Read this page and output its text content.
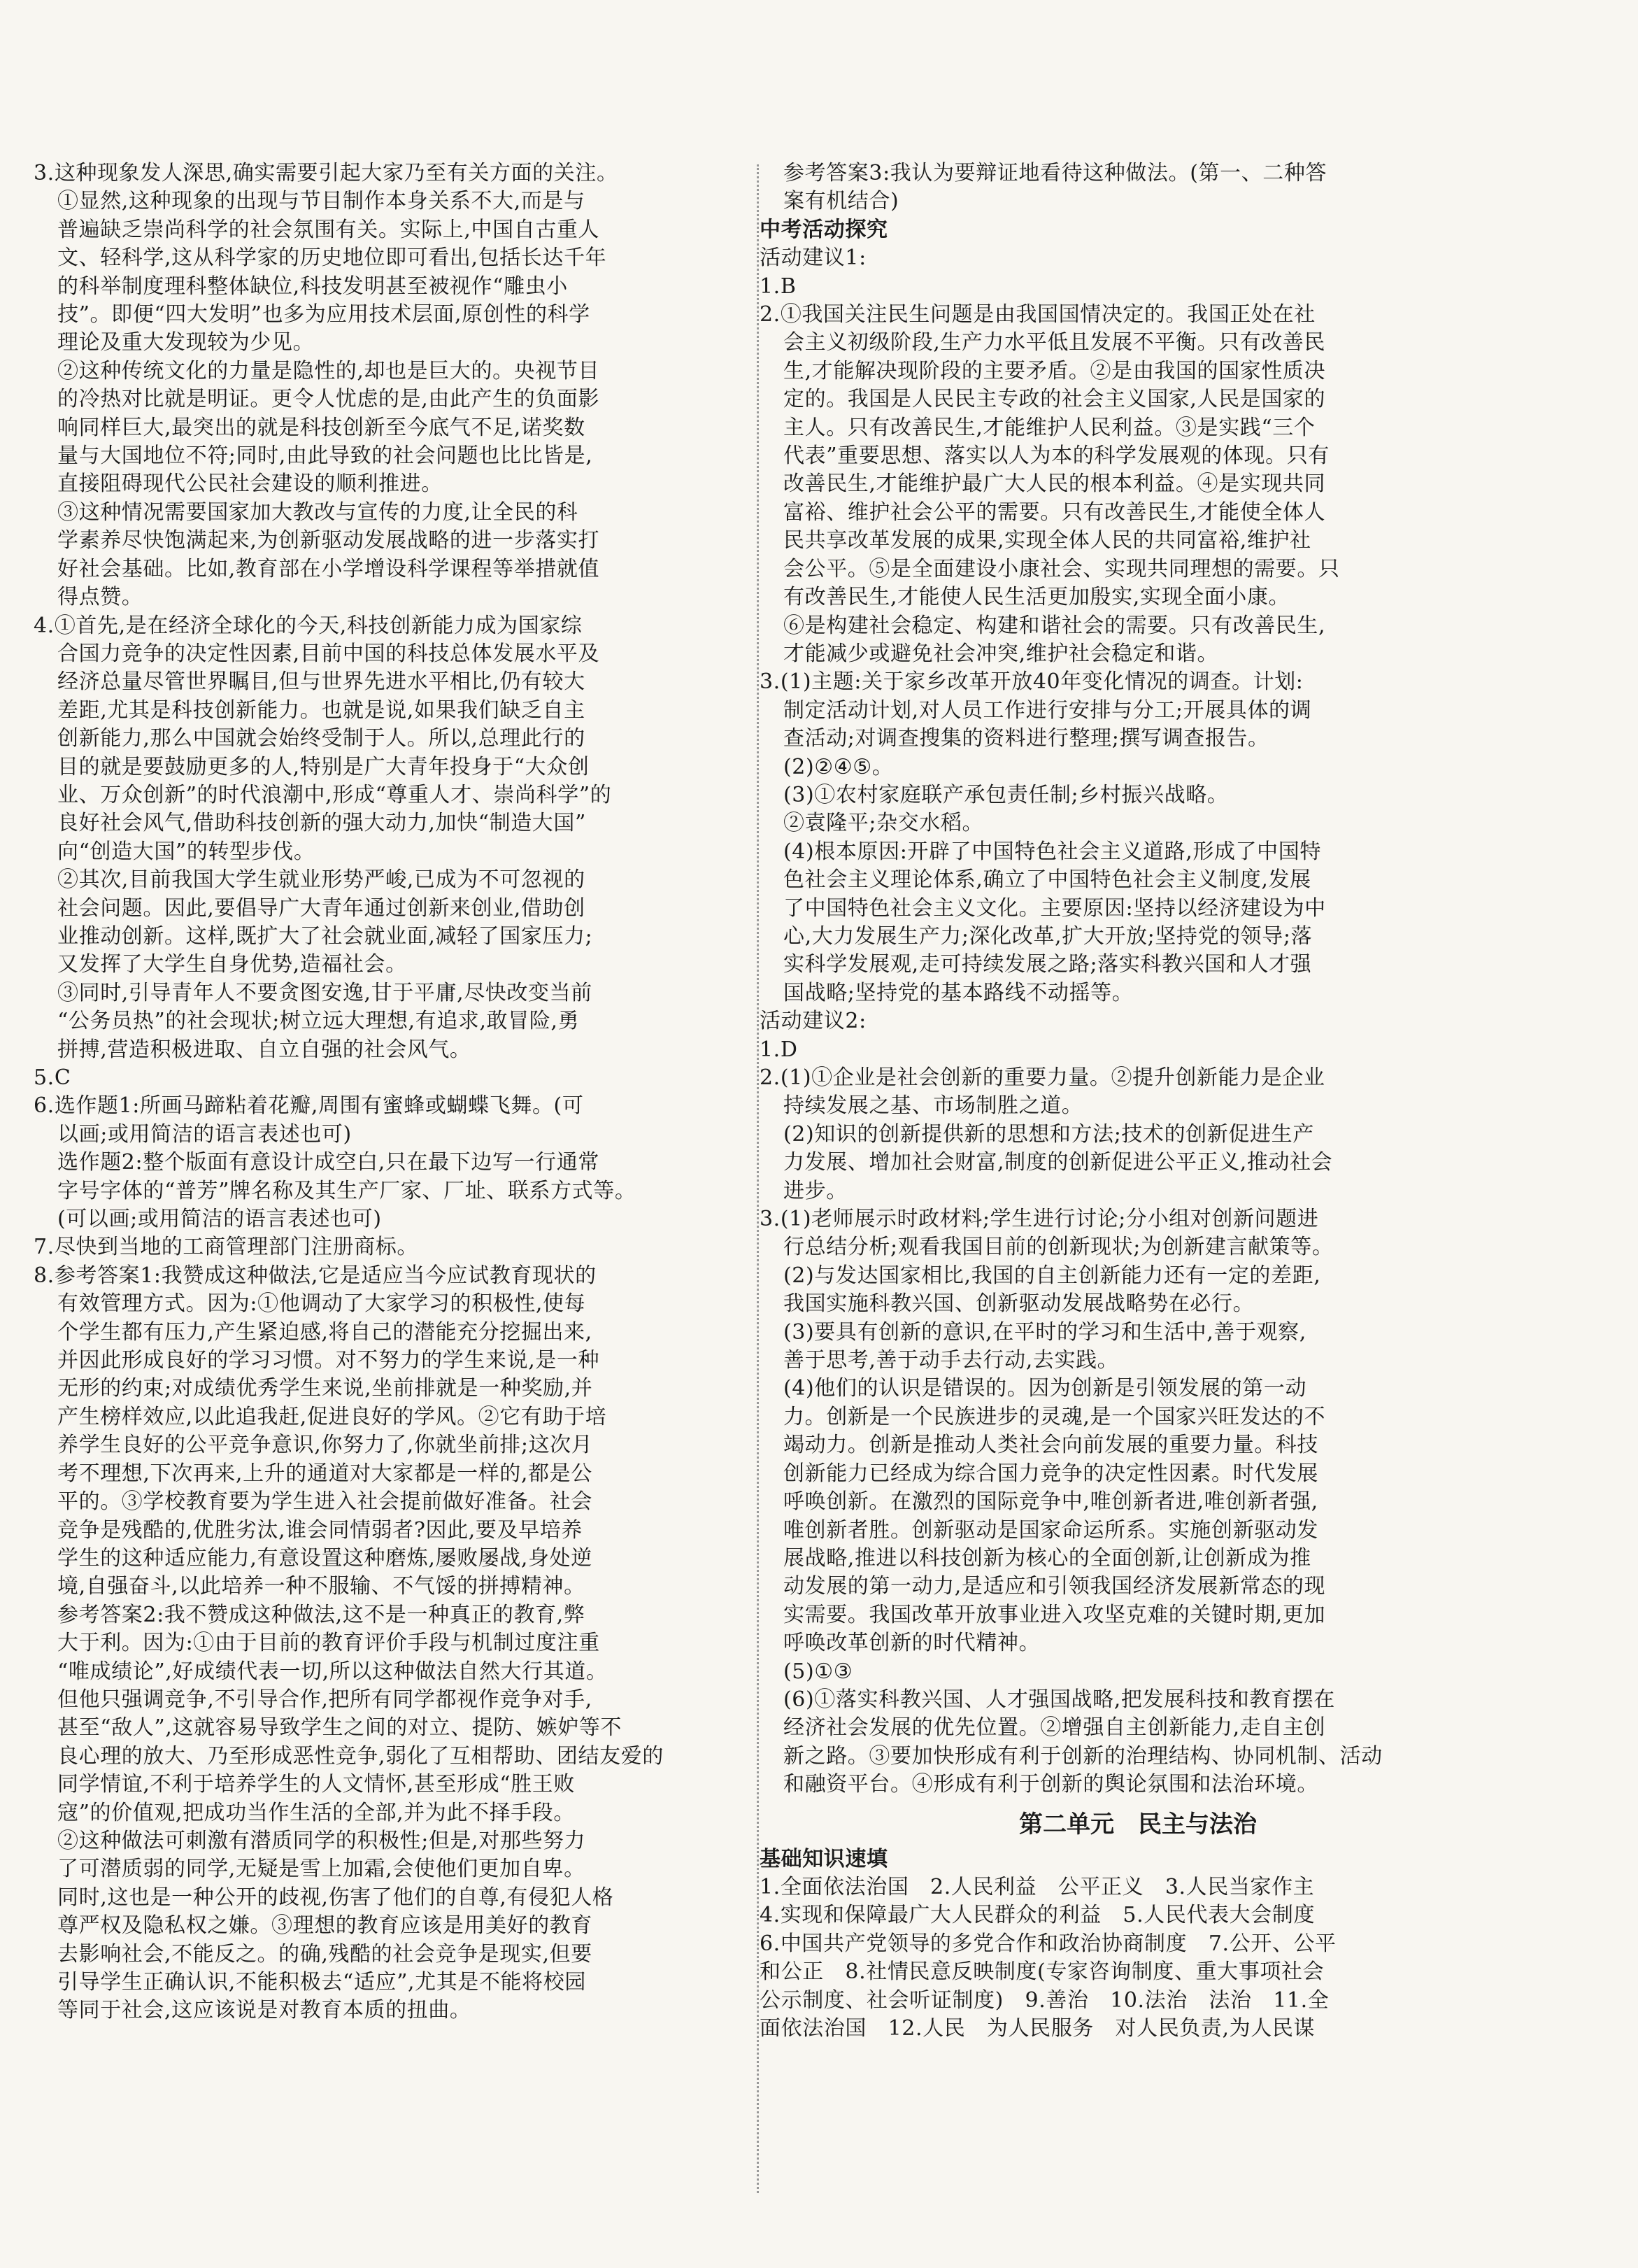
3.这种现象发人深思,确实需要引起大家乃至有关方面的关注。
①显然,这种现象的出现与节目制作本身关系不大,而是与
普遍缺乏崇尚科学的社会氛围有关。实际上,中国自古重人
文、轻科学,这从科学家的历史地位即可看出,包括长达千年
的科举制度理科整体缺位,科技发明甚至被视作“雕虫小
技”。即便“四大发明”也多为应用技术层面,原创性的科学
理论及重大发现较为少见。
②这种传统文化的力量是隐性的,却也是巨大的。央视节目
的冷热对比就是明证。更令人忧虑的是,由此产生的负面影
响同样巨大,最突出的就是科技创新至今底气不足,诺奖数
量与大国地位不符;同时,由此导致的社会问题也比比皆是,
直接阻碍现代公民社会建设的顺利推进。
③这种情况需要国家加大教改与宣传的力度,让全民的科
学素养尽快饱满起来,为创新驱动发展战略的进一步落实打
好社会基础。比如,教育部在小学增设科学课程等举措就值
得点赞。
4.①首先,是在经济全球化的今天,科技创新能力成为国家综
合国力竞争的决定性因素,目前中国的科技总体发展水平及
经济总量尽管世界瞩目,但与世界先进水平相比,仍有较大
差距,尤其是科技创新能力。也就是说,如果我们缺乏自主
创新能力,那么中国就会始终受制于人。所以,总理此行的
目的就是要鼓励更多的人,特别是广大青年投身于“大众创
业、万众创新”的时代浪潮中,形成“尊重人才、崇尚科学”的
良好社会风气,借助科技创新的强大动力,加快“制造大国”
向“创造大国”的转型步伐。
②其次,目前我国大学生就业形势严峻,已成为不可忽视的
社会问题。因此,要倡导广大青年通过创新来创业,借助创
业推动创新。这样,既扩大了社会就业面,减轻了国家压力;
又发挥了大学生自身优势,造福社会。
③同时,引导青年人不要贪图安逸,甘于平庸,尽快改变当前
“公务员热”的社会现状;树立远大理想,有追求,敢冒险,勇
拼搏,营造积极进取、自立自强的社会风气。
5.C
6.选作题1:所画马蹄粘着花瓣,周围有蜜蜂或蝴蝶飞舞。(可
以画;或用简洁的语言表述也可)
选作题2:整个版面有意设计成空白,只在最下边写一行通常
字号字体的“普芳”牌名称及其生产厂家、厂址、联系方式等。
(可以画;或用简洁的语言表述也可)
7.尽快到当地的工商管理部门注册商标。
8.参考答案1:我赞成这种做法,它是适应当今应试教育现状的
有效管理方式。因为:①他调动了大家学习的积极性,使每
个学生都有压力,产生紧迫感,将自己的潜能充分挖掘出来,
并因此形成良好的学习习惯。对不努力的学生来说,是一种
无形的约束;对成绩优秀学生来说,坐前排就是一种奖励,并
产生榜样效应,以此追我赶,促进良好的学风。②它有助于培
养学生良好的公平竞争意识,你努力了,你就坐前排;这次月
考不理想,下次再来,上升的通道对大家都是一样的,都是公
平的。③学校教育要为学生进入社会提前做好准备。社会
竞争是残酷的,优胜劣汰,谁会同情弱者?因此,要及早培养
学生的这种适应能力,有意设置这种磨炼,屡败屡战,身处逆
境,自强奋斗,以此培养一种不服输、不气馁的拼搏精神。
参考答案2:我不赞成这种做法,这不是一种真正的教育,弊
大于利。因为:①由于目前的教育评价手段与机制过度注重
“唯成绩论”,好成绩代表一切,所以这种做法自然大行其道。
但他只强调竞争,不引导合作,把所有同学都视作竞争对手,
甚至“敌人”,这就容易导致学生之间的对立、提防、嫉妒等不
良心理的放大、乃至形成恶性竞争,弱化了互相帮助、团结友爱的
同学情谊,不利于培养学生的人文情怀,甚至形成“胜王败
寇”的价值观,把成功当作生活的全部,并为此不择手段。
②这种做法可刺激有潜质同学的积极性;但是,对那些努力
了可潜质弱的同学,无疑是雪上加霜,会使他们更加自卑。
同时,这也是一种公开的歧视,伤害了他们的自尊,有侵犯人格
尊严权及隐私权之嫌。③理想的教育应该是用美好的教育
去影响社会,不能反之。的确,残酷的社会竞争是现实,但要
引导学生正确认识,不能积极去“适应”,尤其是不能将校园
等同于社会,这应该说是对教育本质的扭曲。
参考答案3:我认为要辩证地看待这种做法。(第一、二种答
案有机结合)
中考活动探究
活动建议1:
1.B
2.①我国关注民生问题是由我国国情决定的。我国正处在社
会主义初级阶段,生产力水平低且发展不平衡。只有改善民
生,才能解决现阶段的主要矛盾。②是由我国的国家性质决
定的。我国是人民民主专政的社会主义国家,人民是国家的
主人。只有改善民生,才能维护人民利益。③是实践“三个
代表”重要思想、落实以人为本的科学发展观的体现。只有
改善民生,才能维护最广大人民的根本利益。④是实现共同
富裕、维护社会公平的需要。只有改善民生,才能使全体人
民共享改革发展的成果,实现全体人民的共同富裕,维护社
会公平。⑤是全面建设小康社会、实现共同理想的需要。只
有改善民生,才能使人民生活更加殷实,实现全面小康。
⑥是构建社会稳定、构建和谐社会的需要。只有改善民生,
才能减少或避免社会冲突,维护社会稳定和谐。
3.(1)主题:关于家乡改革开放40年变化情况的调查。计划:
制定活动计划,对人员工作进行安排与分工;开展具体的调
查活动;对调查搜集的资料进行整理;撰写调查报告。
(2)②④⑤。
(3)①农村家庭联产承包责任制;乡村振兴战略。
②袁隆平;杂交水稻。
(4)根本原因:开辟了中国特色社会主义道路,形成了中国特
色社会主义理论体系,确立了中国特色社会主义制度,发展
了中国特色社会主义文化。主要原因:坚持以经济建设为中
心,大力发展生产力;深化改革,扩大开放;坚持党的领导;落
实科学发展观,走可持续发展之路;落实科教兴国和人才强
国战略;坚持党的基本路线不动摇等。
活动建议2:
1.D
2.(1)①企业是社会创新的重要力量。②提升创新能力是企业
持续发展之基、市场制胜之道。
(2)知识的创新提供新的思想和方法;技术的创新促进生产
力发展、增加社会财富,制度的创新促进公平正义,推动社会
进步。
3.(1)老师展示时政材料;学生进行讨论;分小组对创新问题进
行总结分析;观看我国目前的创新现状;为创新建言献策等。
(2)与发达国家相比,我国的自主创新能力还有一定的差距,
我国实施科教兴国、创新驱动发展战略势在必行。
(3)要具有创新的意识,在平时的学习和生活中,善于观察,
善于思考,善于动手去行动,去实践。
(4)他们的认识是错误的。因为创新是引领发展的第一动
力。创新是一个民族进步的灵魂,是一个国家兴旺发达的不
竭动力。创新是推动人类社会向前发展的重要力量。科技
创新能力已经成为综合国力竞争的决定性因素。时代发展
呼唤创新。在激烈的国际竞争中,唯创新者进,唯创新者强,
唯创新者胜。创新驱动是国家命运所系。实施创新驱动发
展战略,推进以科技创新为核心的全面创新,让创新成为推
动发展的第一动力,是适应和引领我国经济发展新常态的现
实需要。我国改革开放事业进入攻坚克难的关键时期,更加
呼唤改革创新的时代精神。
(5)①③
(6)①落实科教兴国、人才强国战略,把发展科技和教育摆在
经济社会发展的优先位置。②增强自主创新能力,走自主创
新之路。③要加快形成有利于创新的治理结构、协同机制、活动
和融资平台。④形成有利于创新的舆论氛围和法治环境。
第二单元　民主与法治
基础知识速填
1.全面依法治国　2.人民利益　公平正义　3.人民当家作主
4.实现和保障最广大人民群众的利益　5.人民代表大会制度
6.中国共产党领导的多党合作和政治协商制度　7.公开、公平
和公正　8.社情民意反映制度(专家咨询制度、重大事项社会
公示制度、社会听证制度)　9.善治　10.法治　法治　11.全
面依法治国　12.人民　为人民服务　对人民负责,为人民谋
